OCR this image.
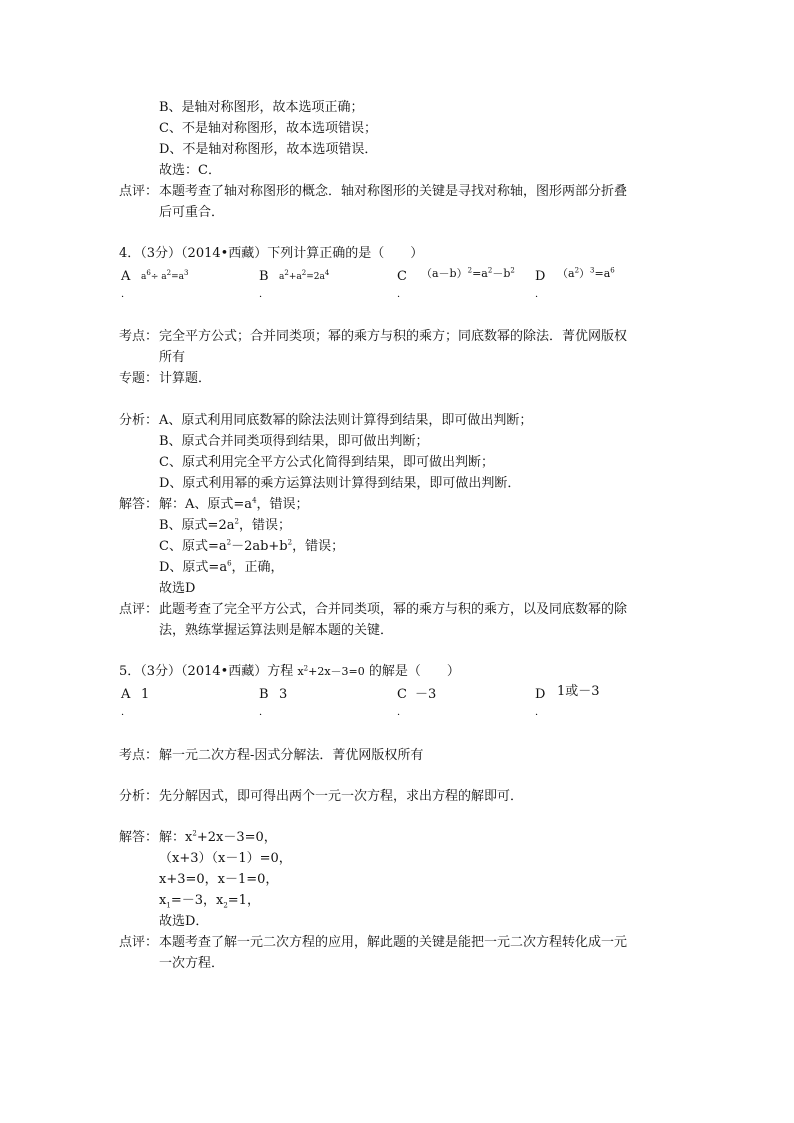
B、是轴对称图形，故本选项正确；
C、不是轴对称图形，故本选项错误；
D、不是轴对称图形，故本选项错误．
故选：C．
点评： 本题考查了轴对称图形的概念．轴对称图形的关键是寻找对称轴，图形两部分折叠
后可重合．
4．（3分）（2014•西藏）下列计算正确的是（　　）
A $a^6\div a^2=a^3$
．
B $a^2+a^2=2a^4$
．
C $(a-b)^2=a^2-b^2$
．
D $(a^2)^3=a^6$
．
考点： 完全平方公式；合并同类项；幂的乘方与积的乘方；同底数幂的除法．菁优网版权
所有
专题： 计算题．
分析： A、原式利用同底数幂的除法法则计算得到结果，即可做出判断；
B、原式合并同类项得到结果，即可做出判断；
C、原式利用完全平方公式化简得到结果，即可做出判断；
D、原式利用幂的乘方运算法则计算得到结果，即可做出判断．
解答： 解：A、原式$=a^4$，错误；
B、原式$=2a^2$，错误；
C、原式$=a^2-2ab+b^2$，错误；
D、原式$=a^6$，正确，
故选D
点评： 此题考查了完全平方公式，合并同类项，幂的乘方与积的乘方，以及同底数幂的除
法，熟练掌握运算法则是解本题的关键．
5．（3分）（2014•西藏）方程 $x^2+2x-3=0$ 的解是（　　）
A 1
．
B 3
．
C －3
．
D 1或－3
．
考点： 解一元二次方程-因式分解法．菁优网版权所有
分析： 先分解因式，即可得出两个一元一次方程，求出方程的解即可．
解答： 解：$x^2+2x-3=0$，
（x+3）（x－1）=0，
x+3=0，x－1=0，
$x_1=-3$，$x_2=1$，
故选D．
点评： 本题考查了解一元二次方程的应用，解此题的关键是能把一元二次方程转化成一元
一次方程．
